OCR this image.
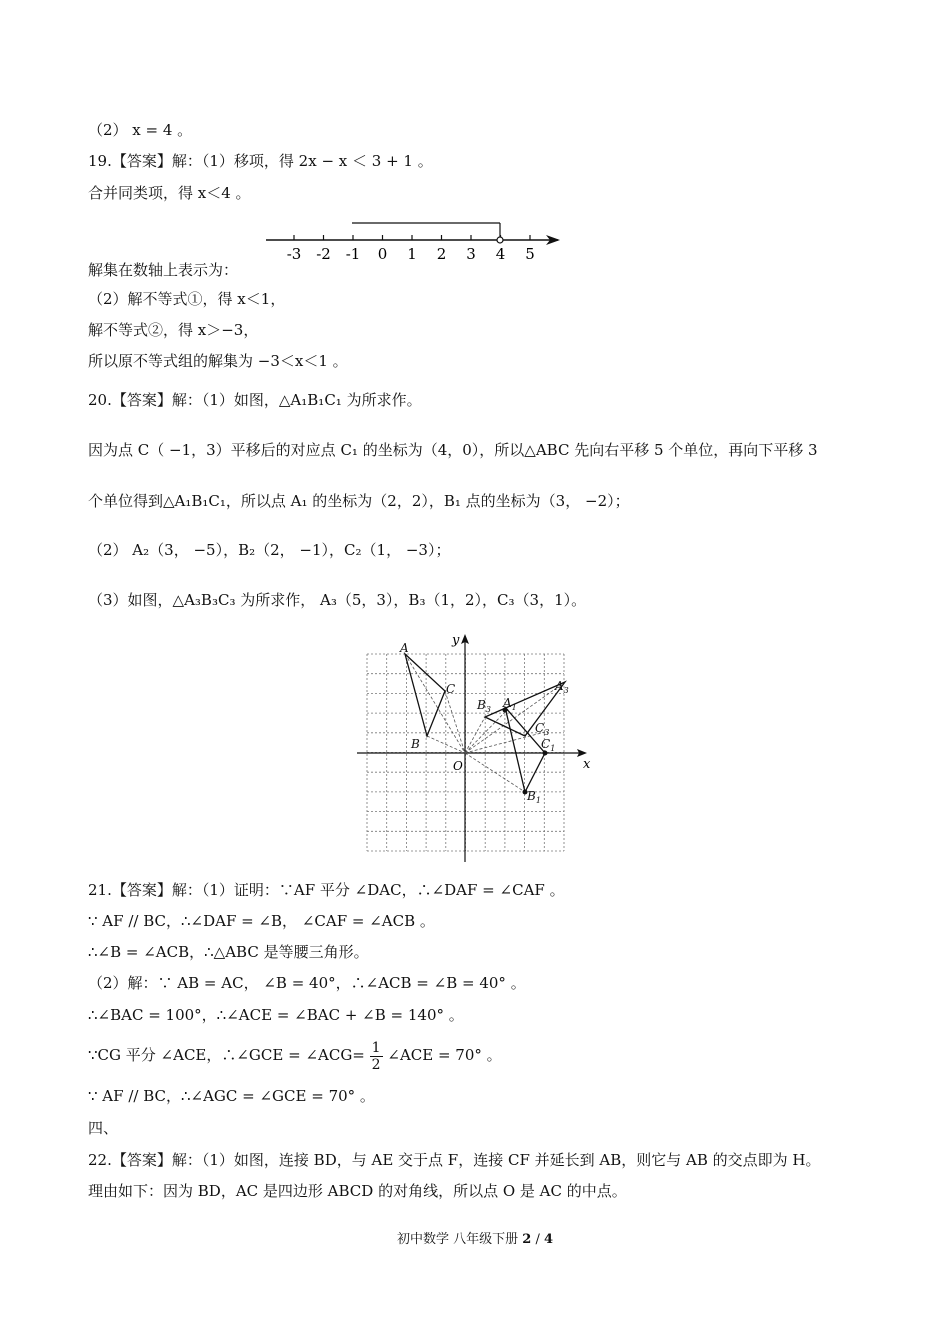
（2） x = 4 。
19.【答案】解：（1）移项，得 2x − x ＜ 3 + 1 。
合并同类项，得 x＜4 。
-3 -2 -1 0 1 2 3 4 5
解集在数轴上表示为：
（2）解不等式①，得 x＜1，
解不等式②，得 x＞−3，
所以原不等式组的解集为 −3＜x＜1 。
20.【答案】解：（1）如图，△A₁B₁C₁ 为所求作。
因为点 C（ −1，3）平移后的对应点 C₁ 的坐标为（4，0），所以△ABC 先向右平移 5 个单位，再向下平移 3
个单位得到△A₁B₁C₁，所以点 A₁ 的坐标为（2，2），B₁ 点的坐标为（3， −2）；
（2） A₂（3， −5），B₂（2， −1），C₂（1， −3）；
（3）如图，△A₃B₃C₃ 为所求作， A₃（5，3），B₃（1，2），C₃（3，1）。
x
y
O
A
B
C
$B_3$ $A_1$
$A_3$
$C_3$
$C_1$
$B_1$
21.【答案】解：（1）证明：∵AF 平分 ∠DAC，∴∠DAF = ∠CAF 。
∵ AF // BC，∴∠DAF = ∠B， ∠CAF = ∠ACB 。
∴∠B = ∠ACB，∴△ABC 是等腰三角形。
（2）解：∵ AB = AC， ∠B = 40°，∴∠ACB = ∠B = 40° 。
∴∠BAC = 100°，∴∠ACE = ∠BAC + ∠B = 140° 。
∵CG 平分 ∠ACE，∴∠GCE = ∠ACG= $\frac{1}{2}$ ∠ACE = 70° 。
∵ AF // BC，∴∠AGC = ∠GCE = 70° 。
四、
22.【答案】解：（1）如图，连接 BD，与 AE 交于点 F，连接 CF 并延长到 AB，则它与 AB 的交点即为 H。
理由如下：因为 BD，AC 是四边形 ABCD 的对角线，所以点 O 是 AC 的中点。
初中数学 八年级下册 2 / 4
